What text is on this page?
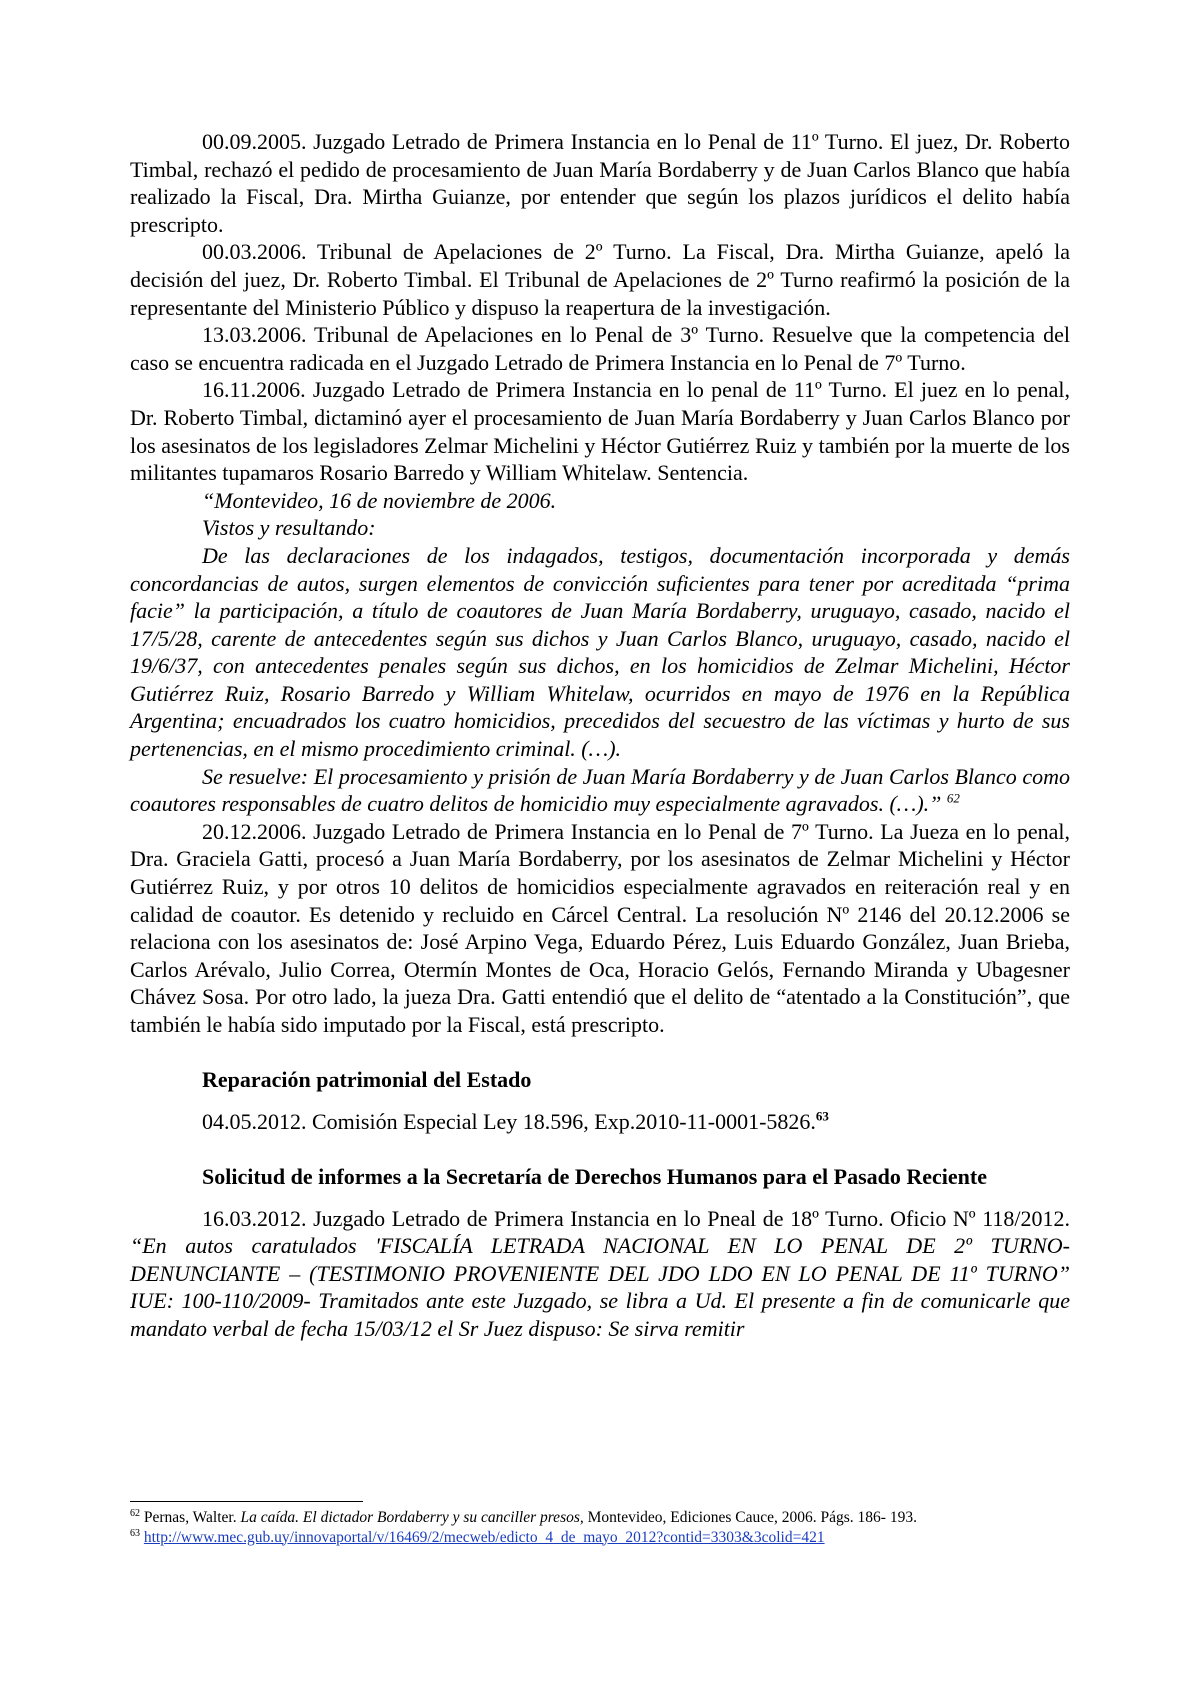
00.09.2005. Juzgado Letrado de Primera Instancia en lo Penal de 11º Turno. El juez, Dr. Roberto Timbal, rechazó el pedido de procesamiento de Juan María Bordaberry y de Juan Carlos Blanco que había realizado la Fiscal, Dra. Mirtha Guianze, por entender que según los plazos jurídicos el delito había prescripto.

00.03.2006. Tribunal de Apelaciones de 2º Turno. La Fiscal, Dra. Mirtha Guianze, apeló la decisión del juez, Dr. Roberto Timbal. El Tribunal de Apelaciones de 2º Turno reafirmó la posición de la representante del Ministerio Público y dispuso la reapertura de la investigación.

13.03.2006. Tribunal de Apelaciones en lo Penal de 3º Turno. Resuelve que la competencia del caso se encuentra radicada en el Juzgado Letrado de Primera Instancia en lo Penal de 7º Turno.

16.11.2006. Juzgado Letrado de Primera Instancia en lo penal de 11º Turno. El juez en lo penal, Dr. Roberto Timbal, dictaminó ayer el procesamiento de Juan María Bordaberry y Juan Carlos Blanco por los asesinatos de los legisladores Zelmar Michelini y Héctor Gutiérrez Ruiz y también por la muerte de los militantes tupamaros Rosario Barredo y William Whitelaw. Sentencia.

“Montevideo, 16 de noviembre de 2006.

Vistos y resultando:

De las declaraciones de los indagados, testigos, documentación incorporada y demás concordancias de autos, surgen elementos de convicción suficientes para tener por acreditada “prima facie” la participación, a título de coautores de Juan María Bordaberry, uruguayo, casado, nacido el 17/5/28, carente de antecedentes según sus dichos y Juan Carlos Blanco, uruguayo, casado, nacido el 19/6/37, con antecedentes penales según sus dichos, en los homicidios de Zelmar Michelini, Héctor Gutiérrez Ruiz, Rosario Barredo y William Whitelaw, ocurridos en mayo de 1976 en la República Argentina; encuadrados los cuatro homicidios, precedidos del secuestro de las víctimas y hurto de sus pertenencias, en el mismo procedimiento criminal. (…).

Se resuelve: El procesamiento y prisión de Juan María Bordaberry y de Juan Carlos Blanco como coautores responsables de cuatro delitos de homicidio muy especialmente agravados. (…).” $^{62}$

20.12.2006. Juzgado Letrado de Primera Instancia en lo Penal de 7º Turno. La Jueza en lo penal, Dra. Graciela Gatti, procesó a Juan María Bordaberry, por los asesinatos de Zelmar Michelini y Héctor Gutiérrez Ruiz, y por otros 10 delitos de homicidios especialmente agravados en reiteración real y en calidad de coautor. Es detenido y recluido en Cárcel Central. La resolución Nº 2146 del 20.12.2006 se relaciona con los asesinatos de: José Arpino Vega, Eduardo Pérez, Luis Eduardo González, Juan Brieba, Carlos Arévalo, Julio Correa, Otermín Montes de Oca, Horacio Gelós, Fernando Miranda y Ubagesner Chávez Sosa. Por otro lado, la jueza Dra. Gatti entendió que el delito de “atentado a la Constitución”, que también le había sido imputado por la Fiscal, está prescripto.

Reparación patrimonial del Estado

04.05.2012. Comisión Especial Ley 18.596, Exp.2010-11-0001-5826.63

Solicitud de informes a la Secretaría de Derechos Humanos para el Pasado Reciente

16.03.2012. Juzgado Letrado de Primera Instancia en lo Pneal de 18º Turno. Oficio Nº 118/2012. “En autos caratulados 'FISCALÍA LETRADA NACIONAL EN LO PENAL DE 2º TURNO- DENUNCIANTE – (TESTIMONIO PROVENIENTE DEL JDO LDO EN LO PENAL DE 11º TURNO” IUE: 100-110/2009- Tramitados ante este Juzgado, se libra a Ud. El presente a fin de comunicarle que mandato verbal de fecha 15/03/12 el Sr Juez dispuso: Se sirva remitir

$^{62}$ Pernas, Walter. La caída. El dictador Bordaberry y su canciller presos, Montevideo, Ediciones Cauce, 2006. Págs. 186- 193.

$^{63}$ http://www.mec.gub.uy/innovaportal/v/16469/2/mecweb/edicto_4_de_mayo_2012?contid=3303&3colid=421
